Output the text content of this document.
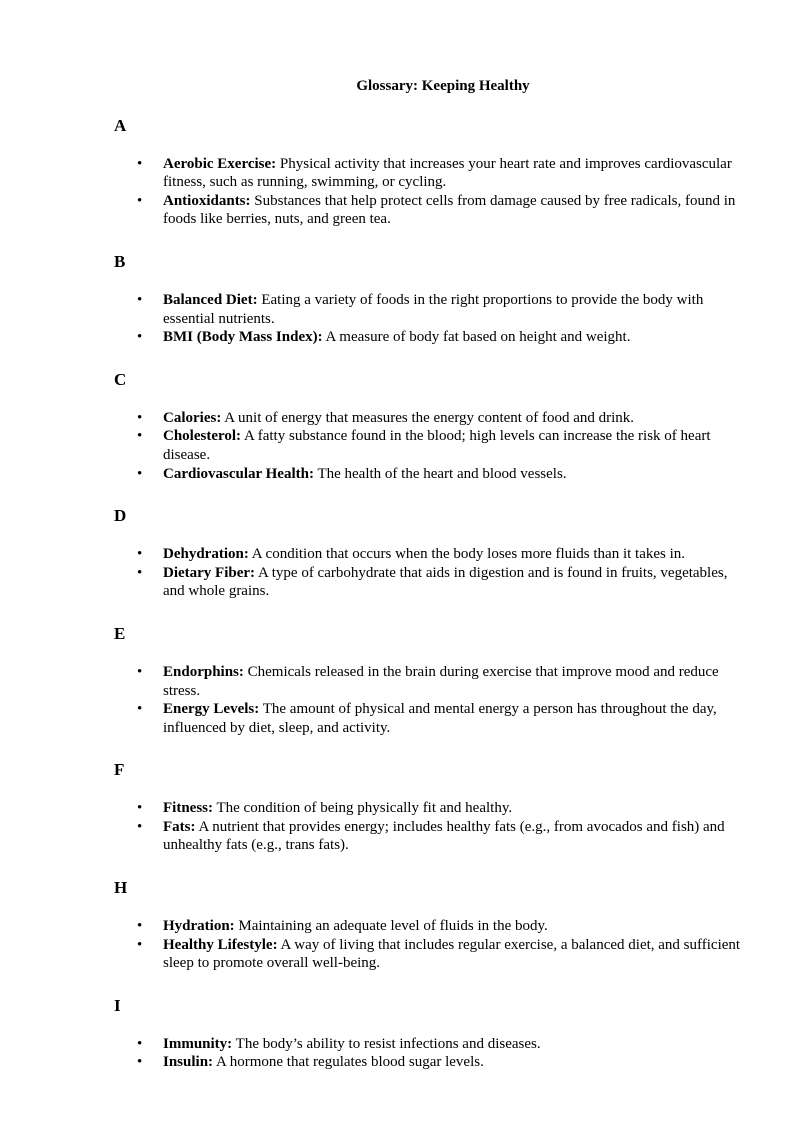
Glossary: Keeping Healthy
A
• Aerobic Exercise: Physical activity that increases your heart rate and improves cardiovascular fitness, such as running, swimming, or cycling.
• Antioxidants: Substances that help protect cells from damage caused by free radicals, found in foods like berries, nuts, and green tea.
B
• Balanced Diet: Eating a variety of foods in the right proportions to provide the body with essential nutrients.
• BMI (Body Mass Index): A measure of body fat based on height and weight.
C
• Calories: A unit of energy that measures the energy content of food and drink.
• Cholesterol: A fatty substance found in the blood; high levels can increase the risk of heart disease.
• Cardiovascular Health: The health of the heart and blood vessels.
D
• Dehydration: A condition that occurs when the body loses more fluids than it takes in.
• Dietary Fiber: A type of carbohydrate that aids in digestion and is found in fruits, vegetables, and whole grains.
E
• Endorphins: Chemicals released in the brain during exercise that improve mood and reduce stress.
• Energy Levels: The amount of physical and mental energy a person has throughout the day, influenced by diet, sleep, and activity.
F
• Fitness: The condition of being physically fit and healthy.
• Fats: A nutrient that provides energy; includes healthy fats (e.g., from avocados and fish) and unhealthy fats (e.g., trans fats).
H
• Hydration: Maintaining an adequate level of fluids in the body.
• Healthy Lifestyle: A way of living that includes regular exercise, a balanced diet, and sufficient sleep to promote overall well-being.
I
• Immunity: The body’s ability to resist infections and diseases.
• Insulin: A hormone that regulates blood sugar levels.
